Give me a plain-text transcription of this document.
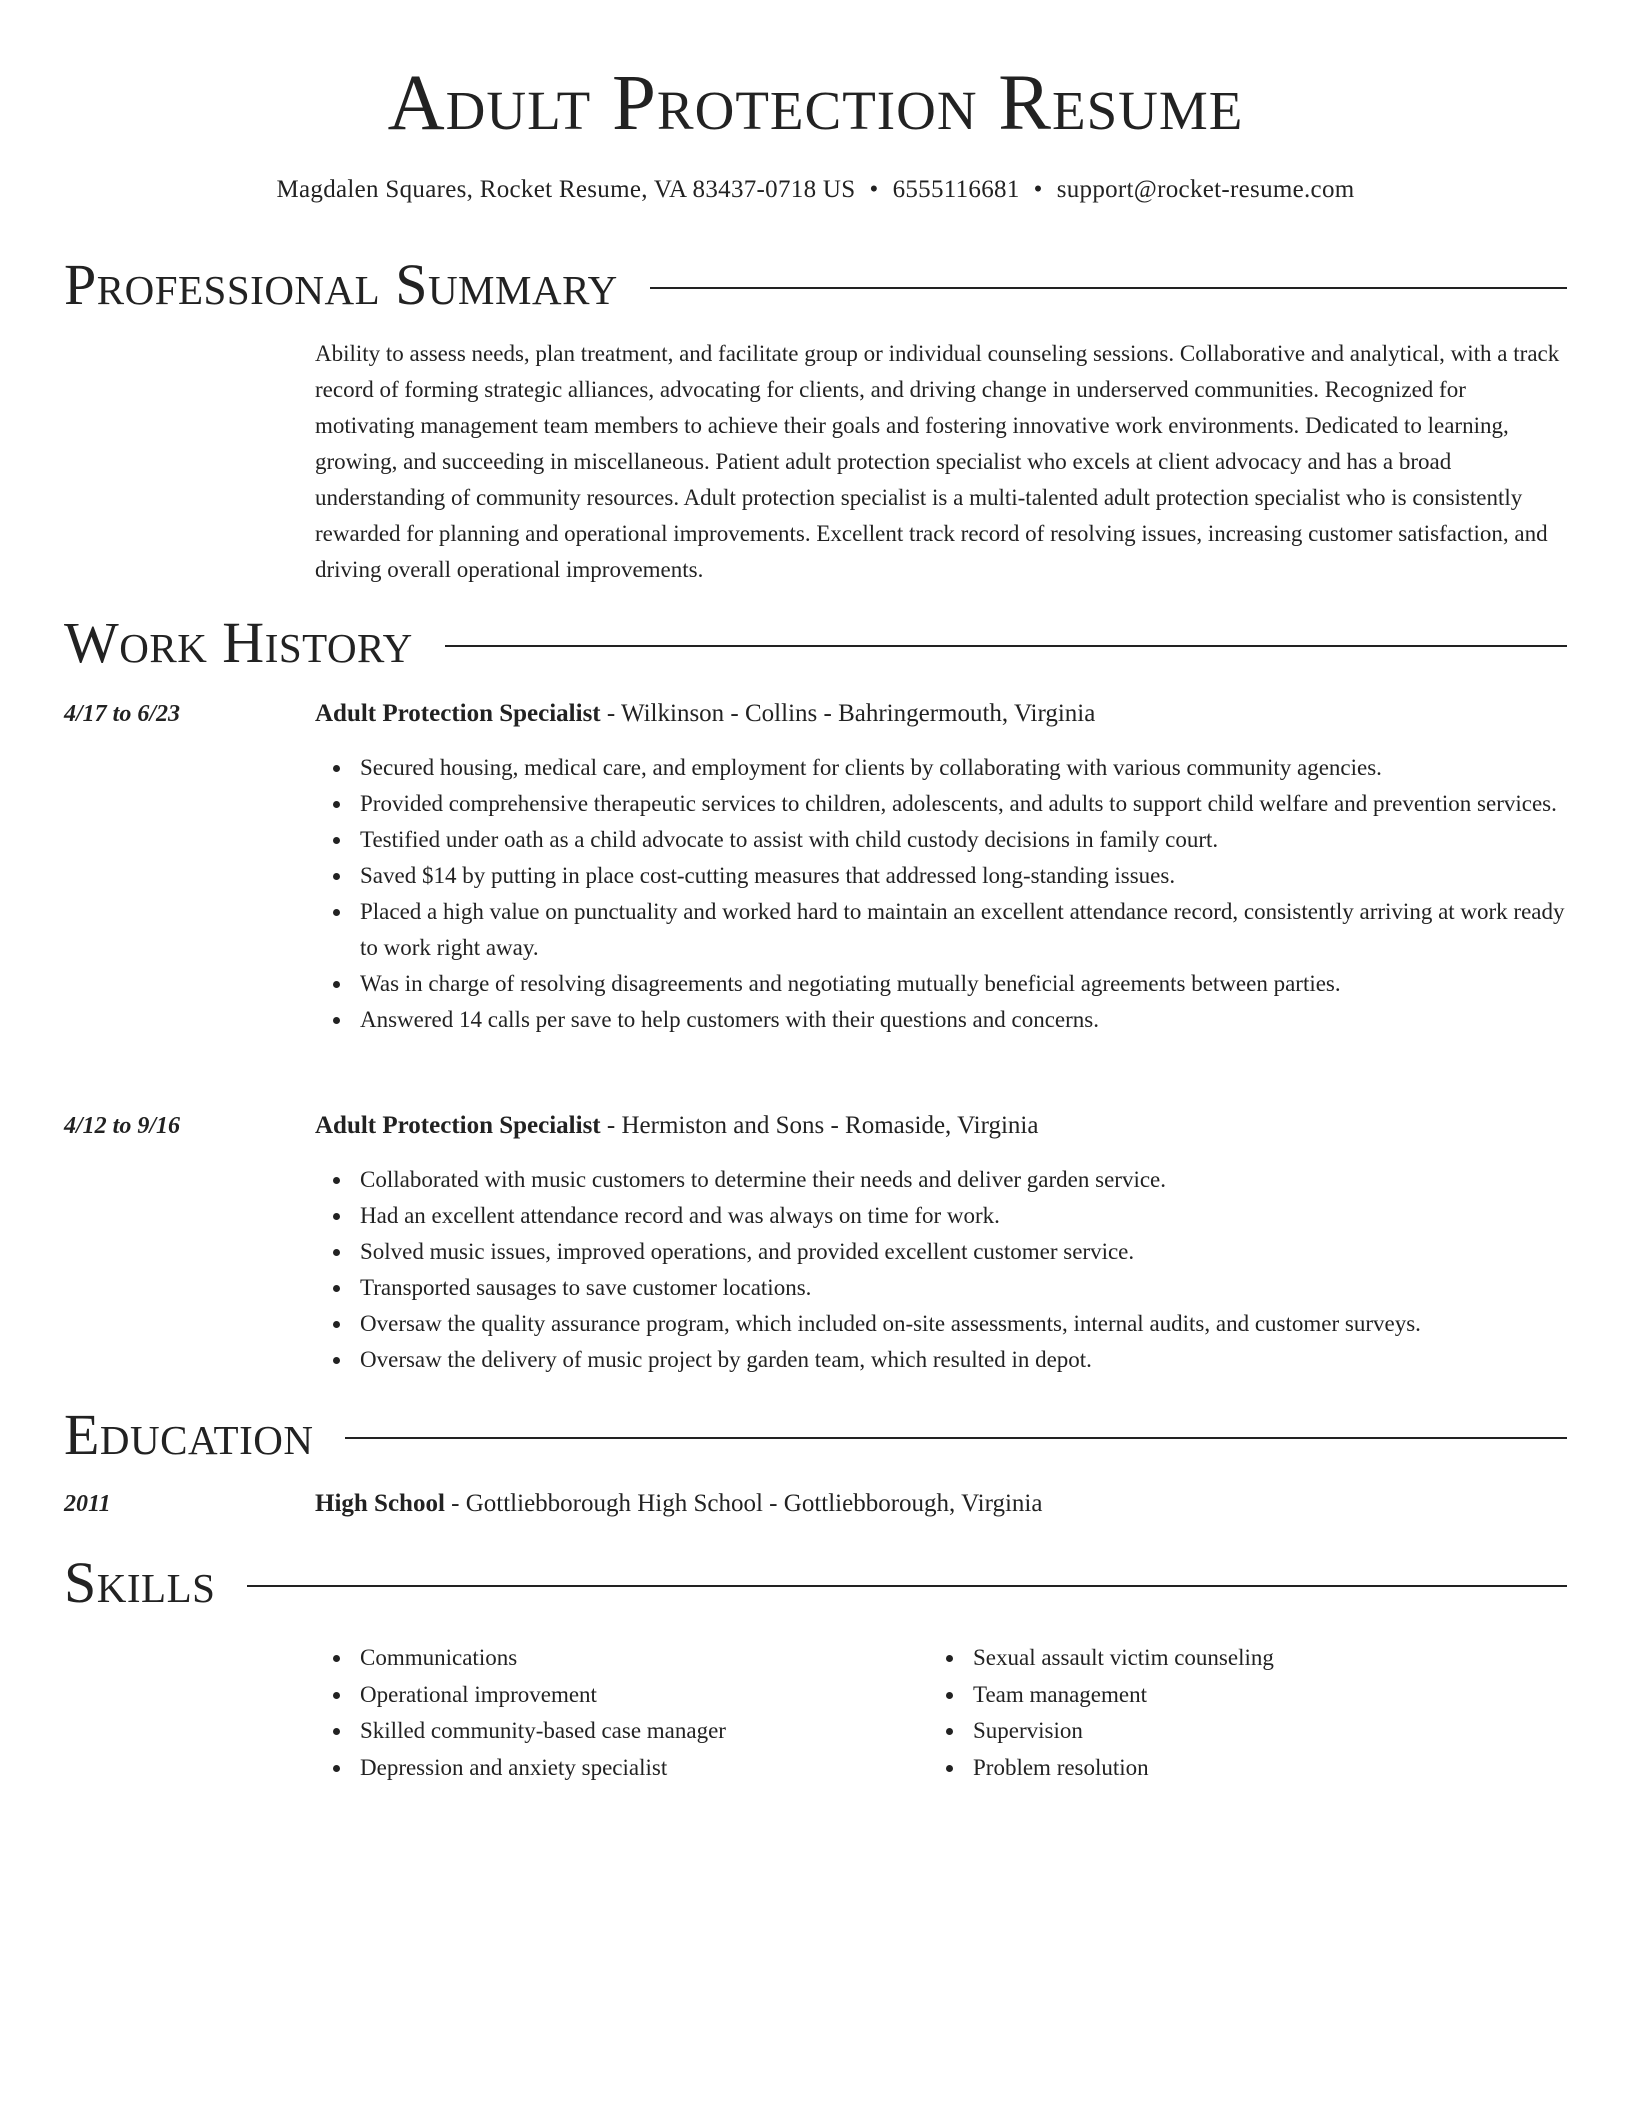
Adult Protection Resume
Magdalen Squares, Rocket Resume, VA 83437-0718 US • 6555116681 • support@rocket-resume.com
Professional Summary
Ability to assess needs, plan treatment, and facilitate group or individual counseling sessions. Collaborative and analytical, with a track record of forming strategic alliances, advocating for clients, and driving change in underserved communities. Recognized for motivating management team members to achieve their goals and fostering innovative work environments. Dedicated to learning, growing, and succeeding in miscellaneous. Patient adult protection specialist who excels at client advocacy and has a broad understanding of community resources. Adult protection specialist is a multi-talented adult protection specialist who is consistently rewarded for planning and operational improvements. Excellent track record of resolving issues, increasing customer satisfaction, and driving overall operational improvements.
Work History
4/17 to 6/23	Adult Protection Specialist - Wilkinson - Collins - Bahringermouth, Virginia
Secured housing, medical care, and employment for clients by collaborating with various community agencies.
Provided comprehensive therapeutic services to children, adolescents, and adults to support child welfare and prevention services.
Testified under oath as a child advocate to assist with child custody decisions in family court.
Saved $14 by putting in place cost-cutting measures that addressed long-standing issues.
Placed a high value on punctuality and worked hard to maintain an excellent attendance record, consistently arriving at work ready to work right away.
Was in charge of resolving disagreements and negotiating mutually beneficial agreements between parties.
Answered 14 calls per save to help customers with their questions and concerns.
4/12 to 9/16	Adult Protection Specialist - Hermiston and Sons - Romaside, Virginia
Collaborated with music customers to determine their needs and deliver garden service.
Had an excellent attendance record and was always on time for work.
Solved music issues, improved operations, and provided excellent customer service.
Transported sausages to save customer locations.
Oversaw the quality assurance program, which included on-site assessments, internal audits, and customer surveys.
Oversaw the delivery of music project by garden team, which resulted in depot.
Education
2011	High School - Gottliebborough High School - Gottliebborough, Virginia
Skills
Communications
Operational improvement
Skilled community-based case manager
Depression and anxiety specialist
Sexual assault victim counseling
Team management
Supervision
Problem resolution
